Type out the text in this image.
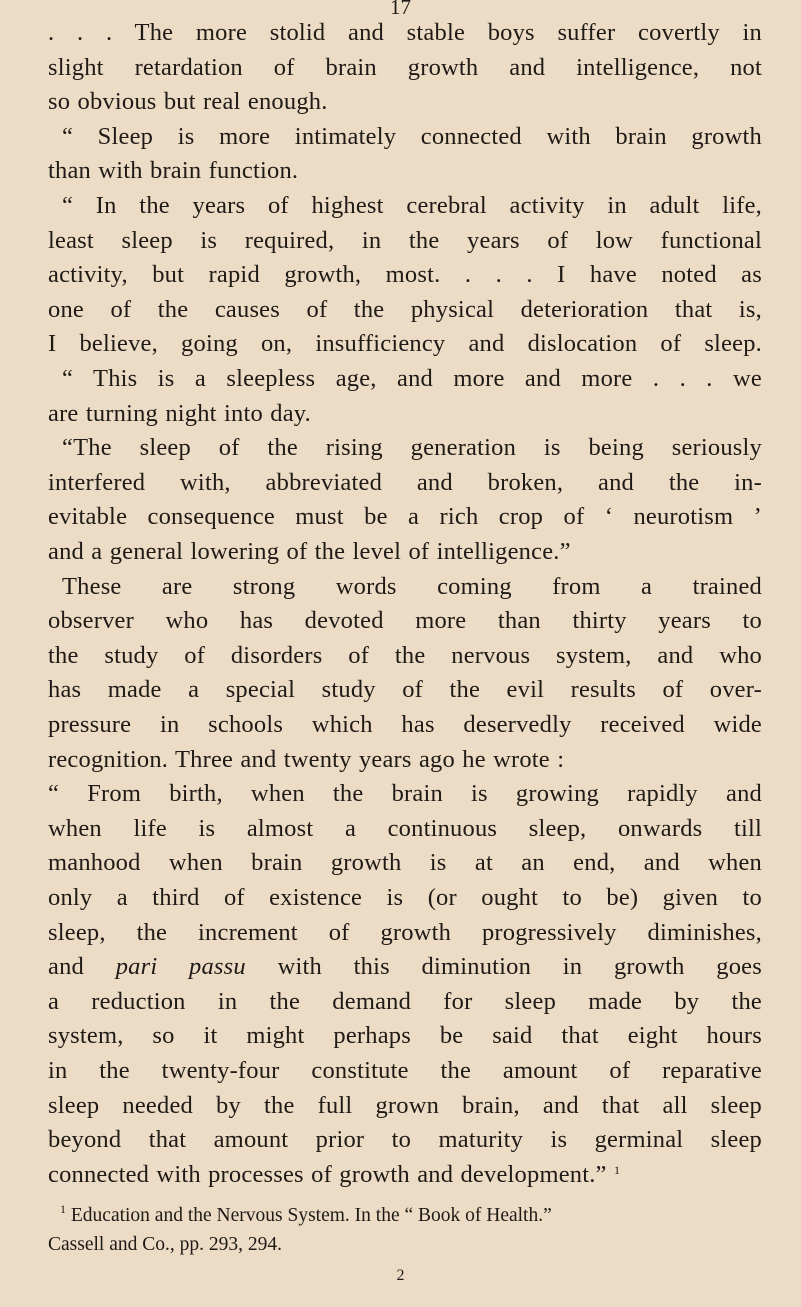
17
. . . The more stolid and stable boys suffer covertly in
slight retardation of brain growth and intelligence, not
so obvious but real enough.
“ Sleep is more intimately connected with brain growth
than with brain function.
“ In the years of highest cerebral activity in adult life,
least sleep is required, in the years of low functional
activity, but rapid growth, most. . . . I have noted as
one of the causes of the physical deterioration that is,
I believe, going on, insufficiency and dislocation of sleep.
“ This is a sleepless age, and more and more . . . we
are turning night into day.
“The sleep of the rising generation is being seriously
interfered with, abbreviated and broken, and the in-
evitable consequence must be a rich crop of ‘ neurotism ’
and a general lowering of the level of intelligence.”
These are strong words coming from a trained
observer who has devoted more than thirty years to
the study of disorders of the nervous system, and who
has made a special study of the evil results of over-
pressure in schools which has deservedly received wide
recognition. Three and twenty years ago he wrote :
“ From birth, when the brain is growing rapidly and
when life is almost a continuous sleep, onwards till
manhood when brain growth is at an end, and when
only a third of existence is (or ought to be) given to
sleep, the increment of growth progressively diminishes,
and pari passu with this diminution in growth goes
a reduction in the demand for sleep made by the
system, so it might perhaps be said that eight hours
in the twenty-four constitute the amount of reparative
sleep needed by the full grown brain, and that all sleep
beyond that amount prior to maturity is germinal sleep
connected with processes of growth and development.” $^1$
$^1$ Education and the Nervous System. In the “ Book of Health.”
Cassell and Co., pp. 293, 294.
2
